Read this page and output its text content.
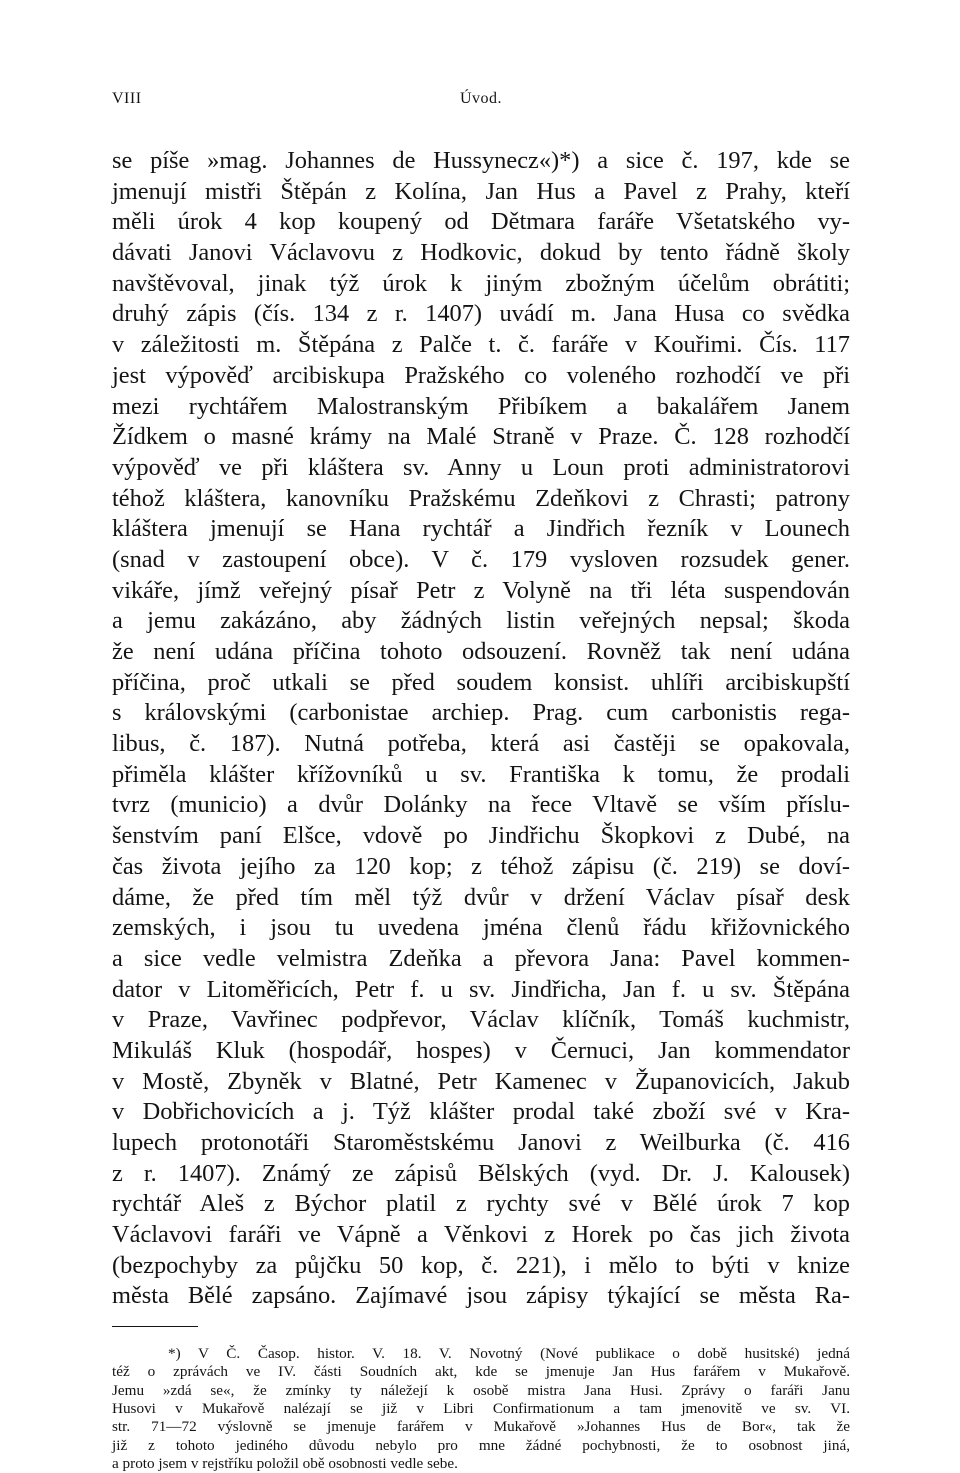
VIII	Úvod.
se píše »mag. Johannes de Hussynecz«)*) a sice č. 197, kde se
jmenují mistři Štěpán z Kolína, Jan Hus a Pavel z Prahy, kteří
měli úrok 4 kop koupený od Dětmara faráře Všetatského vy-
dávati Janovi Václavovu z Hodkovic, dokud by tento řádně školy
navštěvoval, jinak týž úrok k jiným zbožným účelům obrátiti;
druhý zápis (čís. 134 z r. 1407) uvádí m. Jana Husa co svědka
v záležitosti m. Štěpána z Palče t. č. faráře v Kouřimi. Čís. 117
jest výpověď arcibiskupa Pražského co voleného rozhodčí ve při
mezi rychtářem Malostranským Přibíkem a bakalářem Janem
Žídkem o masné krámy na Malé Straně v Praze. Č. 128 rozhodčí
výpověď ve při kláštera sv. Anny u Loun proti administratorovi
téhož kláštera, kanovníku Pražskému Zdeňkovi z Chrasti; patrony
kláštera jmenují se Hana rychtář a Jindřich řezník v Lounech
(snad v zastoupení obce). V č. 179 vysloven rozsudek gener.
vikáře, jímž veřejný písař Petr z Volyně na tři léta suspendován
a jemu zakázáno, aby žádných listin veřejných nepsal; škoda
že není udána příčina tohoto odsouzení. Rovněž tak není udána
příčina, proč utkali se před soudem konsist. uhlíři arcibiskupští
s královskými (carbonistae archiep. Prag. cum carbonistis rega-
libus, č. 187). Nutná potřeba, která asi častěji se opakovala,
přiměla klášter křížovníků u sv. Františka k tomu, že prodali
tvrz (municio) a dvůr Dolánky na řece Vltavě se vším příslu-
šenstvím paní Elšce, vdově po Jindřichu Škopkovi z Dubé, na
čas života jejího za 120 kop; z téhož zápisu (č. 219) se doví-
dáme, že před tím měl týž dvůr v držení Václav písař desk
zemských, i jsou tu uvedena jména členů řádu křižovnického
a sice vedle velmistra Zdeňka a převora Jana: Pavel kommen-
dator v Litoměřicích, Petr f. u sv. Jindřicha, Jan f. u sv. Štěpána
v Praze, Vavřinec podpřevor, Václav klíčník, Tomáš kuchmistr,
Mikuláš Kluk (hospodář, hospes) v Černuci, Jan kommendator
v Mostě, Zbyněk v Blatné, Petr Kamenec v Županovicích, Jakub
v Dobřichovicích a j. Týž klášter prodal také zboží své v Kra-
lupech protonotáři Staroměstskému Janovi z Weilburka (č. 416
z r. 1407). Známý ze zápisů Bělských (vyd. Dr. J. Kalousek)
rychtář Aleš z Býchor platil z rychty své v Bělé úrok 7 kop
Václavovi faráři ve Vápně a Věnkovi z Horek po čas jich života
(bezpochyby za půjčku 50 kop, č. 221), i mělo to býti v knize
města Bělé zapsáno. Zajímavé jsou zápisy týkající se města Ra-
*) V Č. Časop. histor. V. 18. V. Novotný (Nové publikace o době husitské) jedná
též o zprávách ve IV. části Soudních akt, kde se jmenuje Jan Hus farářem v Mukařově.
Jemu »zdá se«, že zmínky ty náležejí k osobě mistra Jana Husi. Zprávy o faráři Janu
Husovi v Mukařově nalézají se již v Libri Confirmationum a tam jmenovitě ve sv. VI.
str. 71—72 výslovně se jmenuje farářem v Mukařově »Johannes Hus de Bor«, tak že
již z tohoto jediného důvodu nebylo pro mne žádné pochybnosti, že to osobnost jiná,
a proto jsem v rejstříku položil obě osobnosti vedle sebe.
